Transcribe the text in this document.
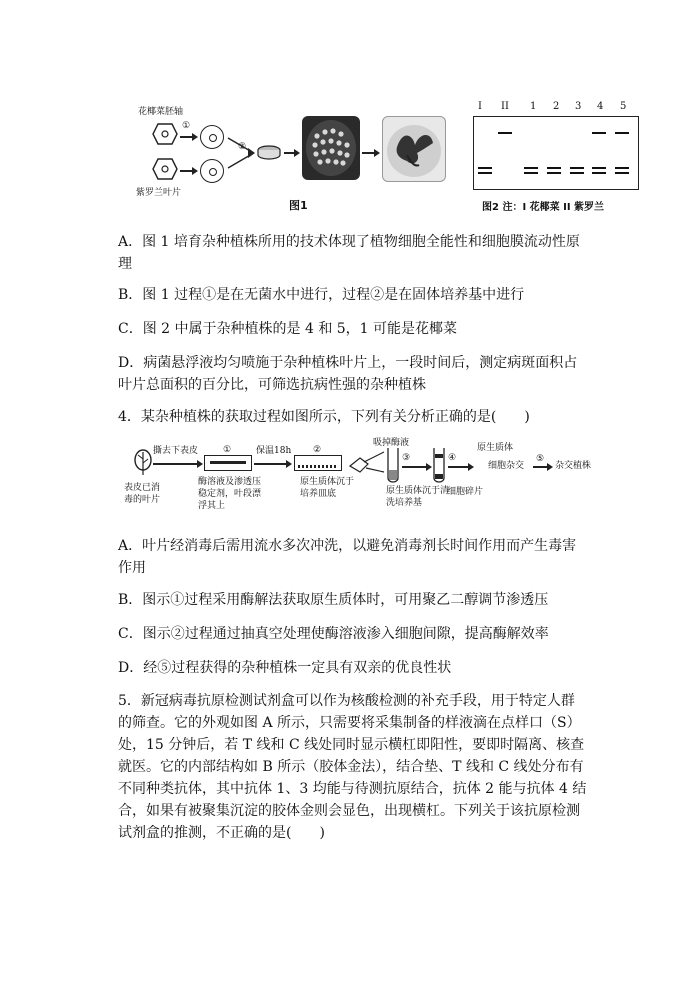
花椰菜胚轴
紫罗兰叶片
①
②
图1
I II 1 2 3 4 5
图2 注：I 花椰菜 II 紫罗兰
A．图 1 培育杂种植株所用的技术体现了植物细胞全能性和细胞膜流动性原理
B．图 1 过程①是在无菌水中进行，过程②是在固体培养基中进行
C．图 2 中属于杂种植株的是 4 和 5，1 可能是花椰菜
D．病菌悬浮液均匀喷施于杂种植株叶片上，一段时间后，测定病斑面积占叶片总面积的百分比，可筛选抗病性强的杂种植株
4．某杂种植株的获取过程如图所示，下列有关分析正确的是(　　)
表皮已消毒的叶片
撕去下表皮	①
酶溶液及渗透压稳定剂，叶段漂浮其上
保温18h ②
原生质体沉于培养皿底
吸掉酶液
③	④
原生质体沉于清洗培养基
细胞碎片
原生质体
细胞杂交
⑤
杂交植株
A．叶片经消毒后需用流水多次冲洗，以避免消毒剂长时间作用而产生毒害作用
B．图示①过程采用酶解法获取原生质体时，可用聚乙二醇调节渗透压
C．图示②过程通过抽真空处理使酶溶液渗入细胞间隙，提高酶解效率
D．经⑤过程获得的杂种植株一定具有双亲的优良性状
5．新冠病毒抗原检测试剂盒可以作为核酸检测的补充手段，用于特定人群的筛查。它的外观如图 A 所示，只需要将采集制备的样液滴在点样口（S）处，15 分钟后，若 T 线和 C 线处同时显示横杠即阳性，要即时隔离、核查就医。它的内部结构如 B 所示（胶体金法），结合垫、T 线和 C 线处分布有不同种类抗体，其中抗体 1、3 均能与待测抗原结合，抗体 2 能与抗体 4 结合，如果有被聚集沉淀的胶体金则会显色，出现横杠。下列关于该抗原检测试剂盒的推测，不正确的是(　　)
